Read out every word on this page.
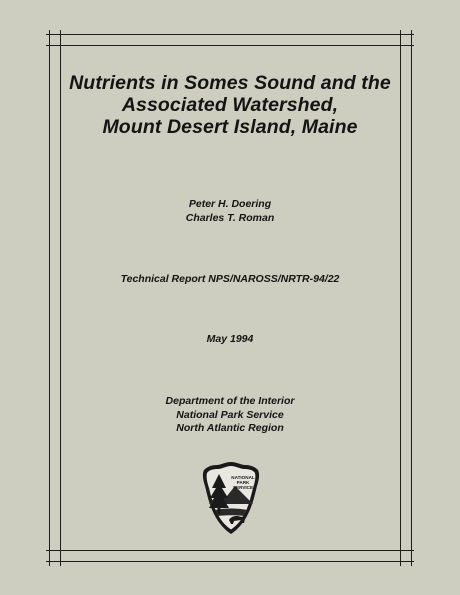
Nutrients in Somes Sound and the
Associated Watershed,
Mount Desert Island, Maine
Peter H. Doering
Charles T. Roman
Technical Report NPS/NAROSS/NRTR-94/22
May 1994
Department of the Interior
National Park Service
North Atlantic Region
NATIONAL
PARK
SERVICE
